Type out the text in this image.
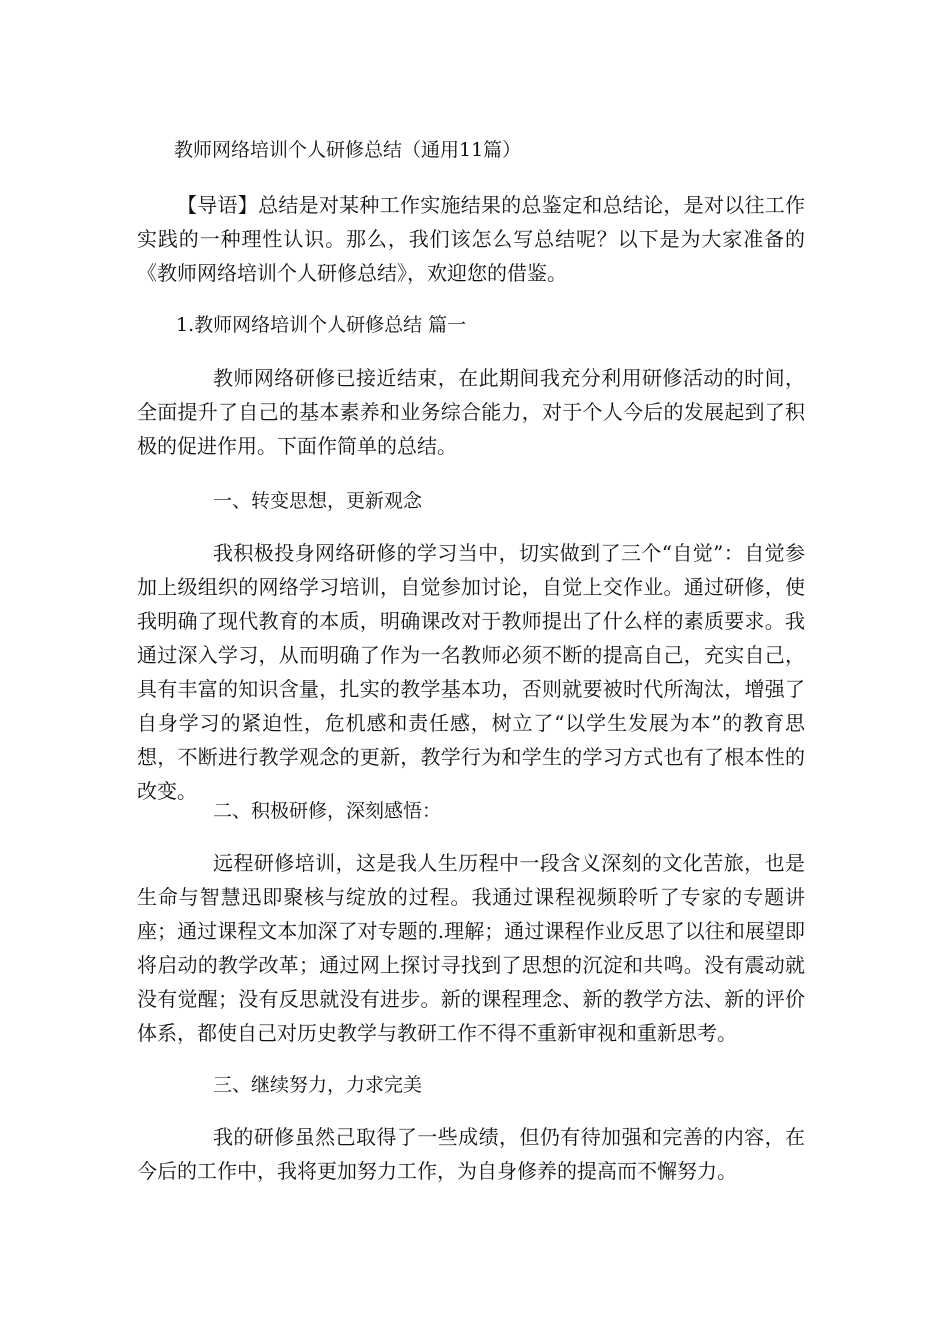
教师网络培训个人研修总结（通用11篇）
【导语】总结是对某种工作实施结果的总鉴定和总结论，是对以往工作实践的一种理性认识。那么，我们该怎么写总结呢？以下是为大家准备的《教师网络培训个人研修总结》，欢迎您的借鉴。
1.教师网络培训个人研修总结 篇一
教师网络研修已接近结束，在此期间我充分利用研修活动的时间，全面提升了自己的基本素养和业务综合能力，对于个人今后的发展起到了积极的促进作用。下面作简单的总结。
一、转变思想，更新观念
我积极投身网络研修的学习当中，切实做到了三个“自觉”：自觉参加上级组织的网络学习培训，自觉参加讨论，自觉上交作业。通过研修，使我明确了现代教育的本质，明确课改对于教师提出了什么样的素质要求。我通过深入学习，从而明确了作为一名教师必须不断的提高自己，充实自己，具有丰富的知识含量，扎实的教学基本功，否则就要被时代所淘汰，增强了自身学习的紧迫性，危机感和责任感，树立了“以学生发展为本”的教育思想，不断进行教学观念的更新，教学行为和学生的学习方式也有了根本性的改变。
二、积极研修，深刻感悟：
远程研修培训，这是我人生历程中一段含义深刻的文化苦旅，也是生命与智慧迅即聚核与绽放的过程。我通过课程视频聆听了专家的专题讲座；通过课程文本加深了对专题的.理解；通过课程作业反思了以往和展望即将启动的教学改革；通过网上探讨寻找到了思想的沉淀和共鸣。没有震动就没有觉醒；没有反思就没有进步。新的课程理念、新的教学方法、新的评价体系，都使自己对历史教学与教研工作不得不重新审视和重新思考。
三、继续努力，力求完美
我的研修虽然己取得了一些成绩，但仍有待加强和完善的内容，在今后的工作中，我将更加努力工作，为自身修养的提高而不懈努力。
